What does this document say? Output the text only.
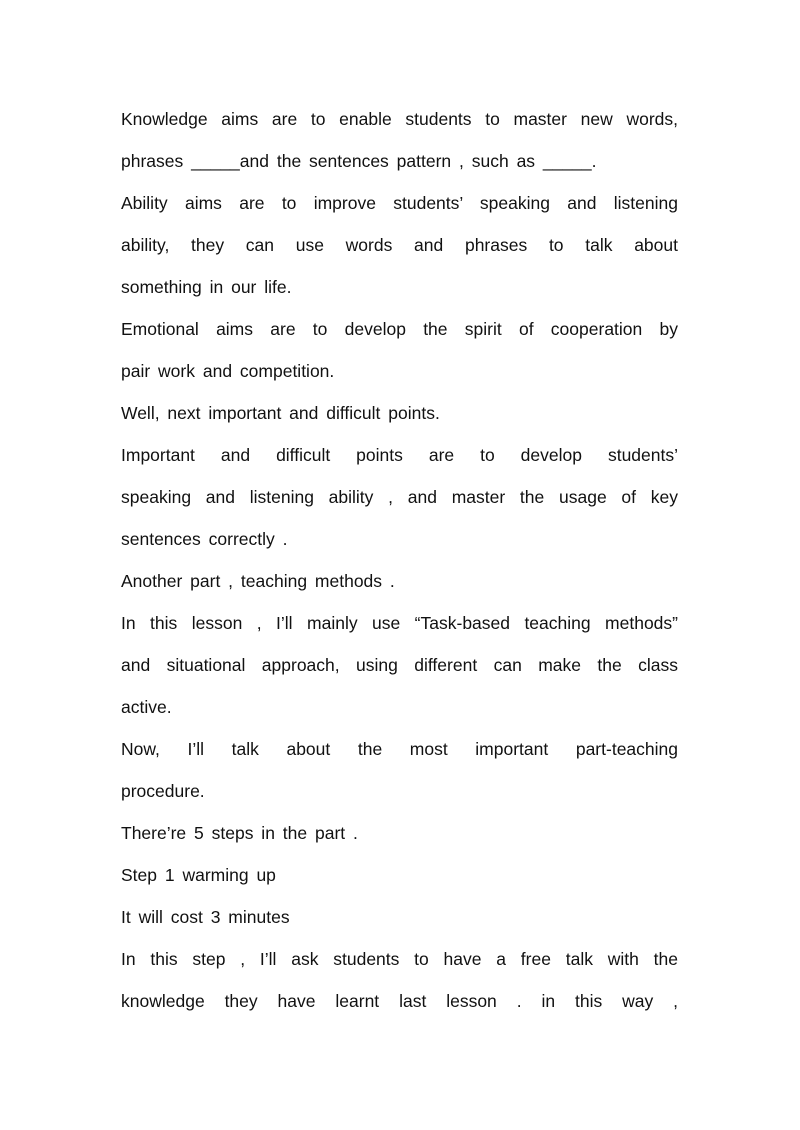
Knowledge aims are to enable students to master new words,
phrases _____and the sentences pattern , such as _____.
Ability aims are to improve students’ speaking and listening
ability, they can use words and phrases to talk about
something in our life.
Emotional aims are to develop the spirit of cooperation by
pair work and competition.
Well, next important and difficult points.
Important and difficult points are to develop students’
speaking and listening ability , and master the usage of key
sentences correctly .
Another part , teaching methods .
In this lesson , I’ll mainly use “Task-based teaching methods”
and situational approach, using different can make the class
active.
Now, I’ll talk about the most important part-teaching
procedure.
There’re 5 steps in the part .
Step 1 warming up
It will cost 3 minutes
In this step , I’ll ask students to have a free talk with the
knowledge they have learnt last lesson . in this way ,
